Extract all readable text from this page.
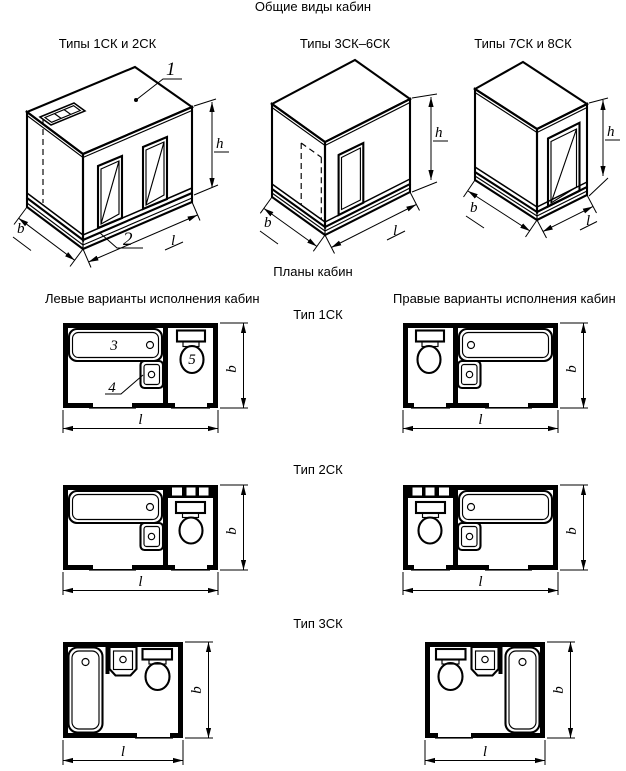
Общие виды кабин
Типы 1СК и 2СК	Типы 3СК–6СК	Типы 7СК и 8СК
Планы кабин
Левые варианты исполнения кабин	Правые варианты исполнения кабин
Тип 1СК
Тип 2СК
Тип 3СК
1
2
h
b
l
b	l
h
b
l
h
3
4
5
l
b
l
b
l
b
l
b
l
b
l
b
